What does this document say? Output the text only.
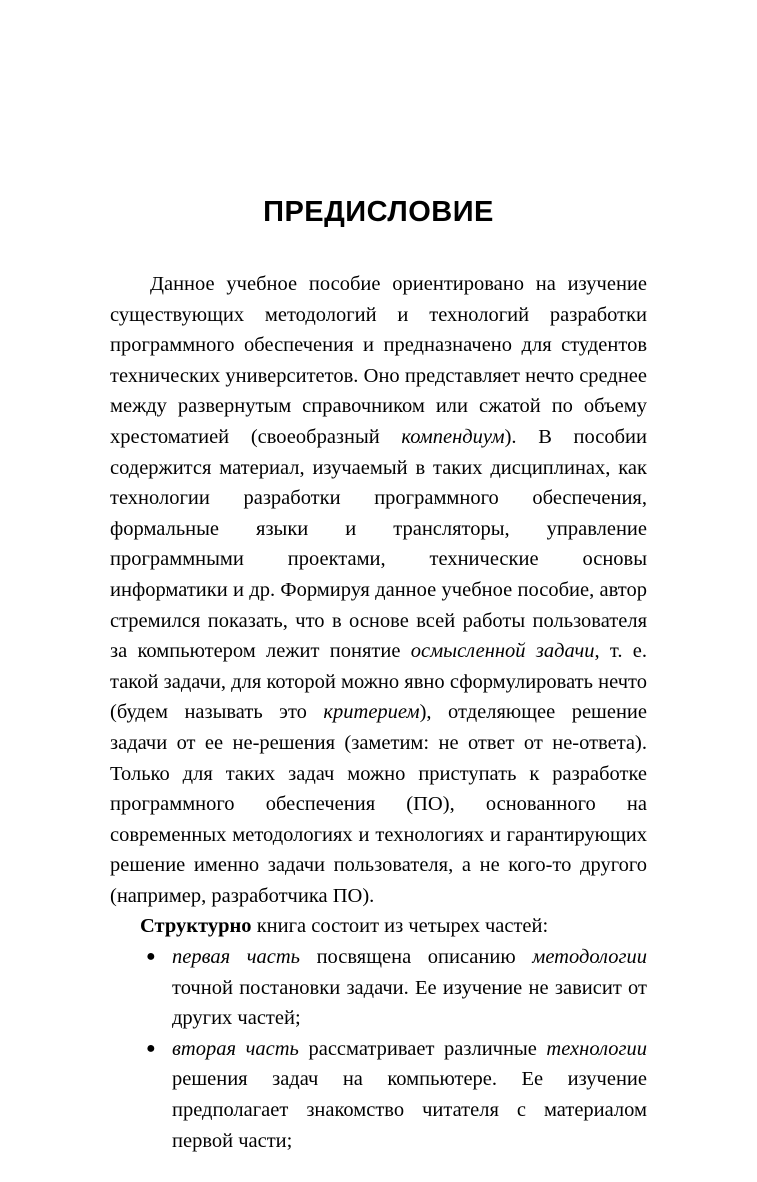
ПРЕДИСЛОВИЕ

Данное учебное пособие ориентировано на изучение существующих методологий и технологий разработки программного обеспечения и предназначено для студентов технических университетов. Оно представляет нечто среднее между развернутым справочником или сжатой по объему хрестоматией (своеобразный компендиум). В пособии содержится материал, изучаемый в таких дисциплинах, как технологии разработки программного обеспечения, формальные языки и трансляторы, управление программными проектами, технические основы информатики и др. Формируя данное учебное пособие, автор стремился показать, что в основе всей работы пользователя за компьютером лежит понятие осмысленной задачи, т. е. такой задачи, для которой можно явно сформулировать нечто (будем называть это критерием), отделяющее решение задачи от ее не-решения (заметим: не ответ от не-ответа). Только для таких задач можно приступать к разработке программного обеспечения (ПО), основанного на современных методологиях и технологиях и гарантирующих решение именно задачи пользователя, а не кого-то другого (например, разработчика ПО).

Структурно книга состоит из четырех частей:

● первая часть посвящена описанию методологии точной постановки задачи. Ее изучение не зависит от других частей;
● вторая часть рассматривает различные технологии решения задач на компьютере. Ее изучение предполагает знакомство читателя с материалом первой части;
